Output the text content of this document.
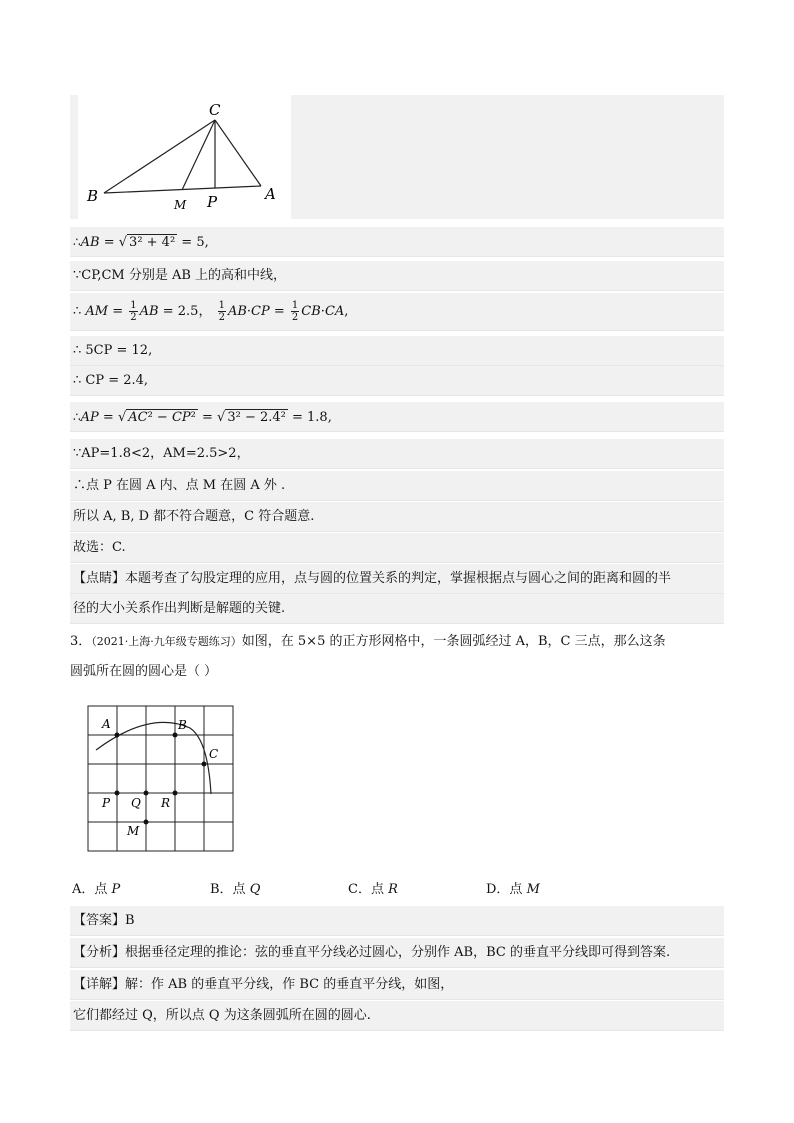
C
B	M P	A
∴AB = √ 3² + 4² = 5,
∵CP,CM 分别是 AB 上的高和中线，
∴ AM = $\frac{1}{2}$ AB = 2.5， $\frac{1}{2} AB\cdot CP = \frac{1}{2} CB\cdot CA$,
∴ 5CP = 12,
∴ CP = 2.4,
∴AP = √ AC² − CP² = √ 3² − 2.4² = 1.8,
∵AP=1.8<2，AM=2.5>2，
∴点 P 在圆 A 内、点 M 在圆 A 外 .
所以 A, B, D 都不符合题意，C 符合题意.
故选：C.
【点睛】本题考查了勾股定理的应用，点与圆的位置关系的判定，掌握根据点与圆心之间的距离和圆的半
径的大小关系作出判断是解题的关键.
3．（2021·上海·九年级专题练习）如图，在 5×5 的正方形网格中，一条圆弧经过 A，B，C 三点，那么这条
圆弧所在圆的圆心是（ ）
A	B
C
P Q R
M
A．点 P	B．点 Q	C．点 R	D．点 M
【答案】B
【分析】根据垂径定理的推论：弦的垂直平分线必过圆心，分别作 AB，BC 的垂直平分线即可得到答案.
【详解】解：作 AB 的垂直平分线，作 BC 的垂直平分线，如图，
它们都经过 Q，所以点 Q 为这条圆弧所在圆的圆心.
